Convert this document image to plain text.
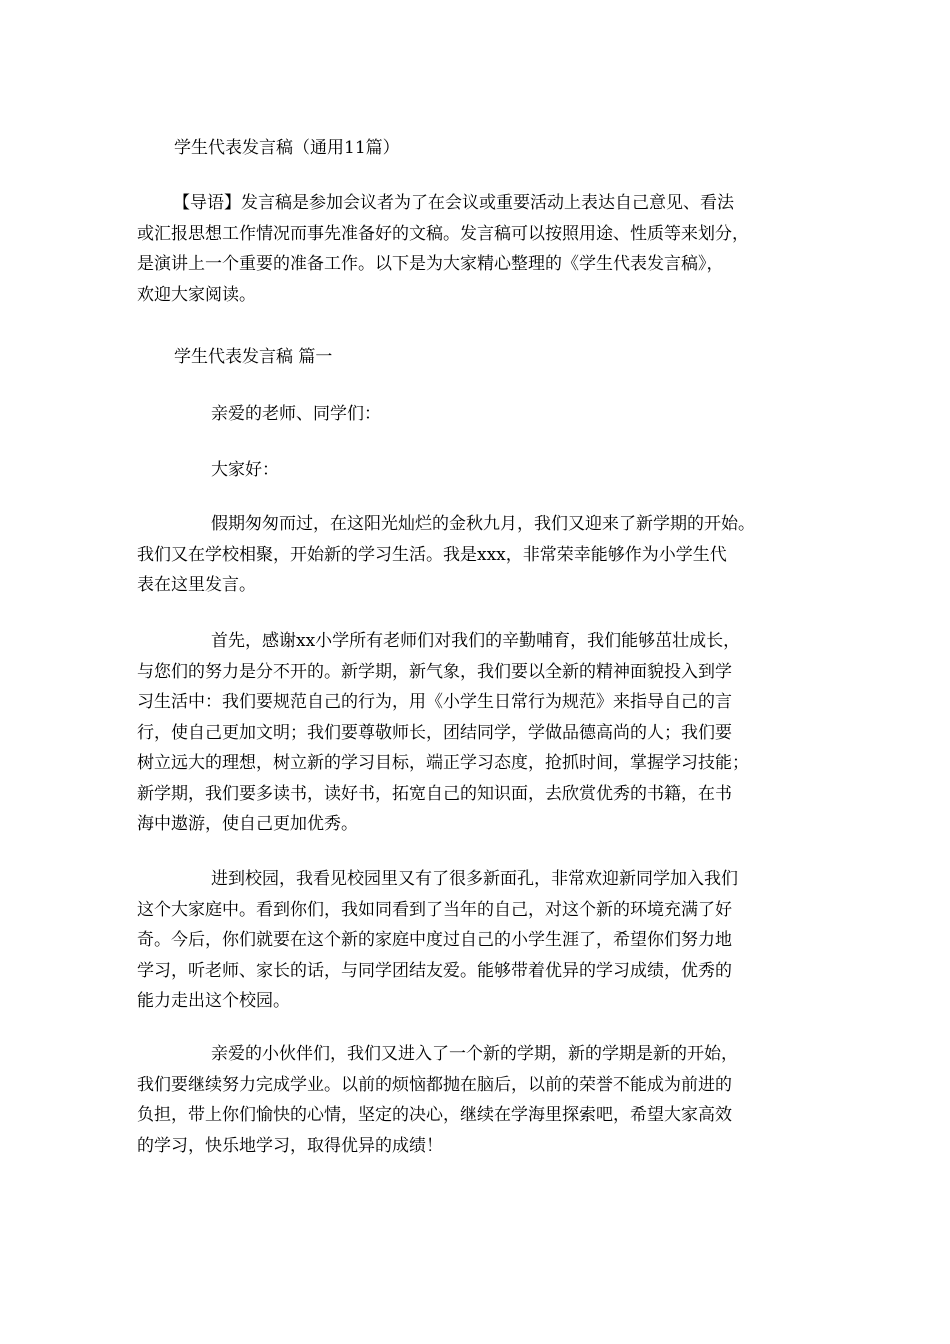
学生代表发言稿（通用11篇）

【导语】发言稿是参加会议者为了在会议或重要活动上表达自己意见、看法
或汇报思想工作情况而事先准备好的文稿。发言稿可以按照用途、性质等来划分，
是演讲上一个重要的准备工作。以下是为大家精心整理的《学生代表发言稿》，
欢迎大家阅读。

学生代表发言稿 篇一

亲爱的老师、同学们：

大家好：

假期匆匆而过，在这阳光灿烂的金秋九月，我们又迎来了新学期的开始。
我们又在学校相聚，开始新的学习生活。我是xxx，非常荣幸能够作为小学生代
表在这里发言。
首先，感谢xx小学所有老师们对我们的辛勤哺育，我们能够茁壮成长，
与您们的努力是分不开的。新学期，新气象，我们要以全新的精神面貌投入到学
习生活中：我们要规范自己的行为，用《小学生日常行为规范》来指导自己的言
行，使自己更加文明；我们要尊敬师长，团结同学，学做品德高尚的人；我们要
树立远大的理想，树立新的学习目标，端正学习态度，抢抓时间，掌握学习技能；
新学期，我们要多读书，读好书，拓宽自己的知识面，去欣赏优秀的书籍，在书
海中遨游，使自己更加优秀。
进到校园，我看见校园里又有了很多新面孔，非常欢迎新同学加入我们
这个大家庭中。看到你们，我如同看到了当年的自己，对这个新的环境充满了好
奇。今后，你们就要在这个新的家庭中度过自己的小学生涯了，希望你们努力地
学习，听老师、家长的话，与同学团结友爱。能够带着优异的学习成绩，优秀的
能力走出这个校园。
亲爱的小伙伴们，我们又进入了一个新的学期，新的学期是新的开始，
我们要继续努力完成学业。以前的烦恼都抛在脑后，以前的荣誉不能成为前进的
负担，带上你们愉快的心情，坚定的决心，继续在学海里探索吧，希望大家高效
的学习，快乐地学习，取得优异的成绩！
